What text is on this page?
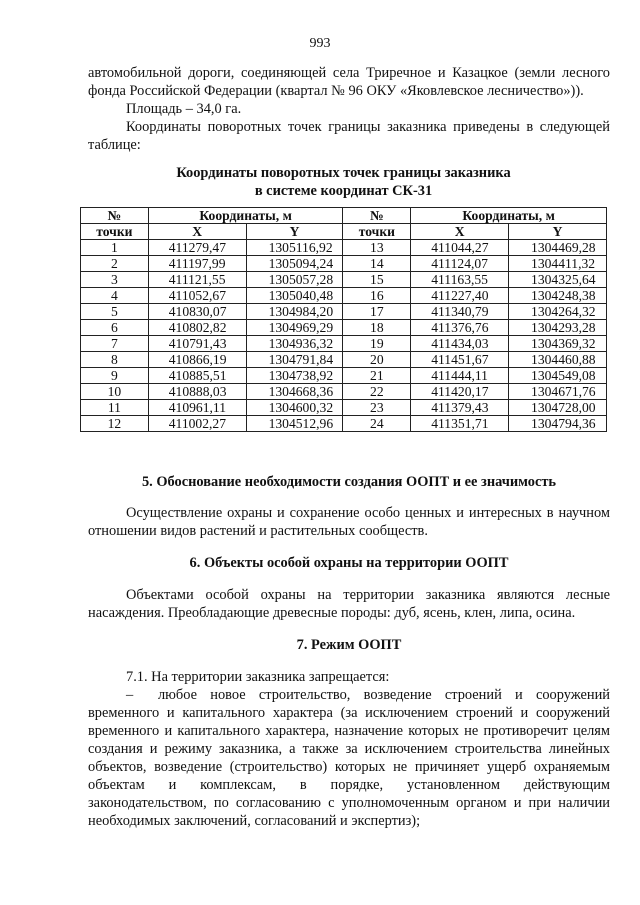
993

автомобильной дороги, соединяющей села Триречное и Казацкое (земли лесного

фонда Российской Федерации (квартал № 96 ОКУ «Яковлевское лесничество»)).

Площадь – 34,0 га.

Координаты поворотных точек границы заказника приведены в следующей

таблице:

Координаты поворотных точек границы заказника

в системе координат СК-31

№	Координаты, м		№	Координаты, м	
точки	X	Y	точки	X	Y
1	411279,47	1305116,92	13	411044,27	1304469,28
2	411197,99	1305094,24	14	411124,07	1304411,32
3	411121,55	1305057,28	15	411163,55	1304325,64
4	411052,67	1305040,48	16	411227,40	1304248,38
5	410830,07	1304984,20	17	411340,79	1304264,32
6	410802,82	1304969,29	18	411376,76	1304293,28
7	410791,43	1304936,32	19	411434,03	1304369,32
8	410866,19	1304791,84	20	411451,67	1304460,88
9	410885,51	1304738,92	21	411444,11	1304549,08
10	410888,03	1304668,36	22	411420,17	1304671,76
11	410961,11	1304600,32	23	411379,43	1304728,00
12	411002,27	1304512,96	24	411351,71	1304794,36

5. Обоснование необходимости создания ООПТ и ее значимость

Осуществление охраны и сохранение особо ценных и интересных в научном

отношении видов растений и растительных сообществ.

6. Объекты особой охраны на территории ООПТ

Объектами особой охраны на территории заказника являются лесные

насаждения. Преобладающие древесные породы: дуб, ясень, клен, липа, осина.

7. Режим ООПТ

7.1. На территории заказника запрещается:

–	любое новое строительство, возведение строений и сооружений

временного и капитального характера (за исключением строений и сооружений

временного и капитального характера, назначение которых не противоречит целям

создания и режиму заказника, а также за исключением строительства линейных

объектов, возведение (строительство) которых не причиняет ущерб охраняемым

объектам и комплексам, в порядке, установленном действующим

законодательством, по согласованию с уполномоченным органом и при наличии

необходимых заключений, согласований и экспертиз);
